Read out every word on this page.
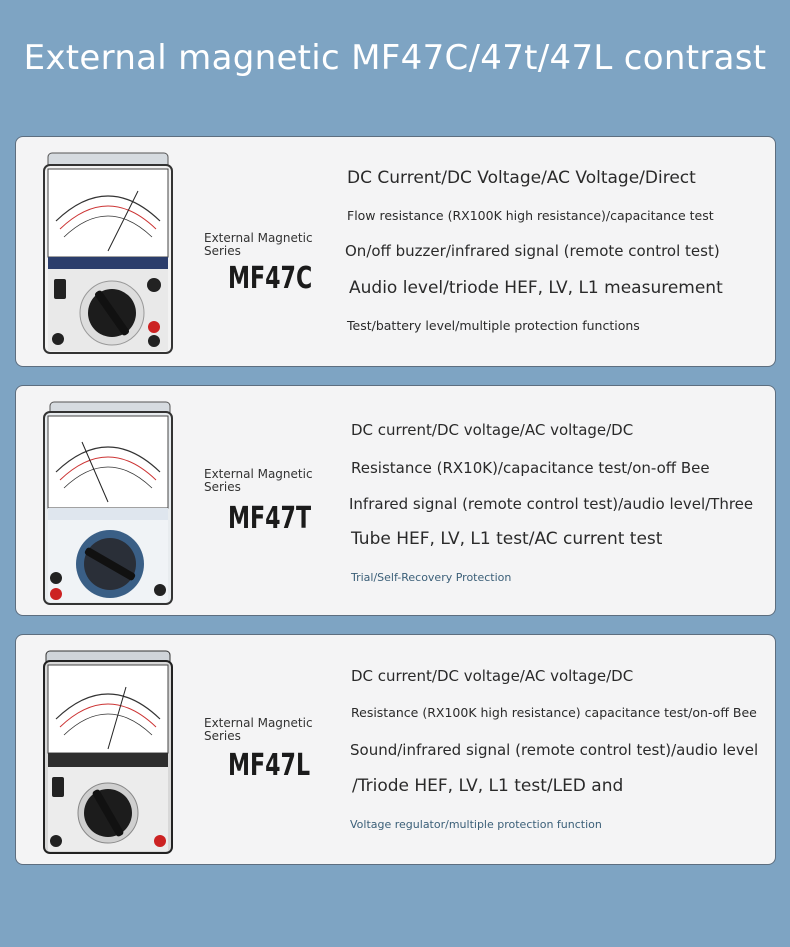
External magnetic MF47C/47t/47L contrast
External Magnetic Series
MF47C
DC Current/DC Voltage/AC Voltage/Direct
Flow resistance (RX100K high resistance)/capacitance test
On/off buzzer/infrared signal (remote control test)
Audio level/triode HEF, LV, L1 measurement
Test/battery level/multiple protection functions
External Magnetic Series
MF47T
DC current/DC voltage/AC voltage/DC
Resistance (RX10K)/capacitance test/on-off Bee
Infrared signal (remote control test)/audio level/Three
Tube HEF, LV, L1 test/AC current test
Trial/Self-Recovery Protection
External Magnetic Series
MF47L
DC current/DC voltage/AC voltage/DC
Resistance (RX100K high resistance) capacitance test/on-off Bee
Sound/infrared signal (remote control test)/audio level
/Triode HEF, LV, L1 test/LED and
Voltage regulator/multiple protection function
